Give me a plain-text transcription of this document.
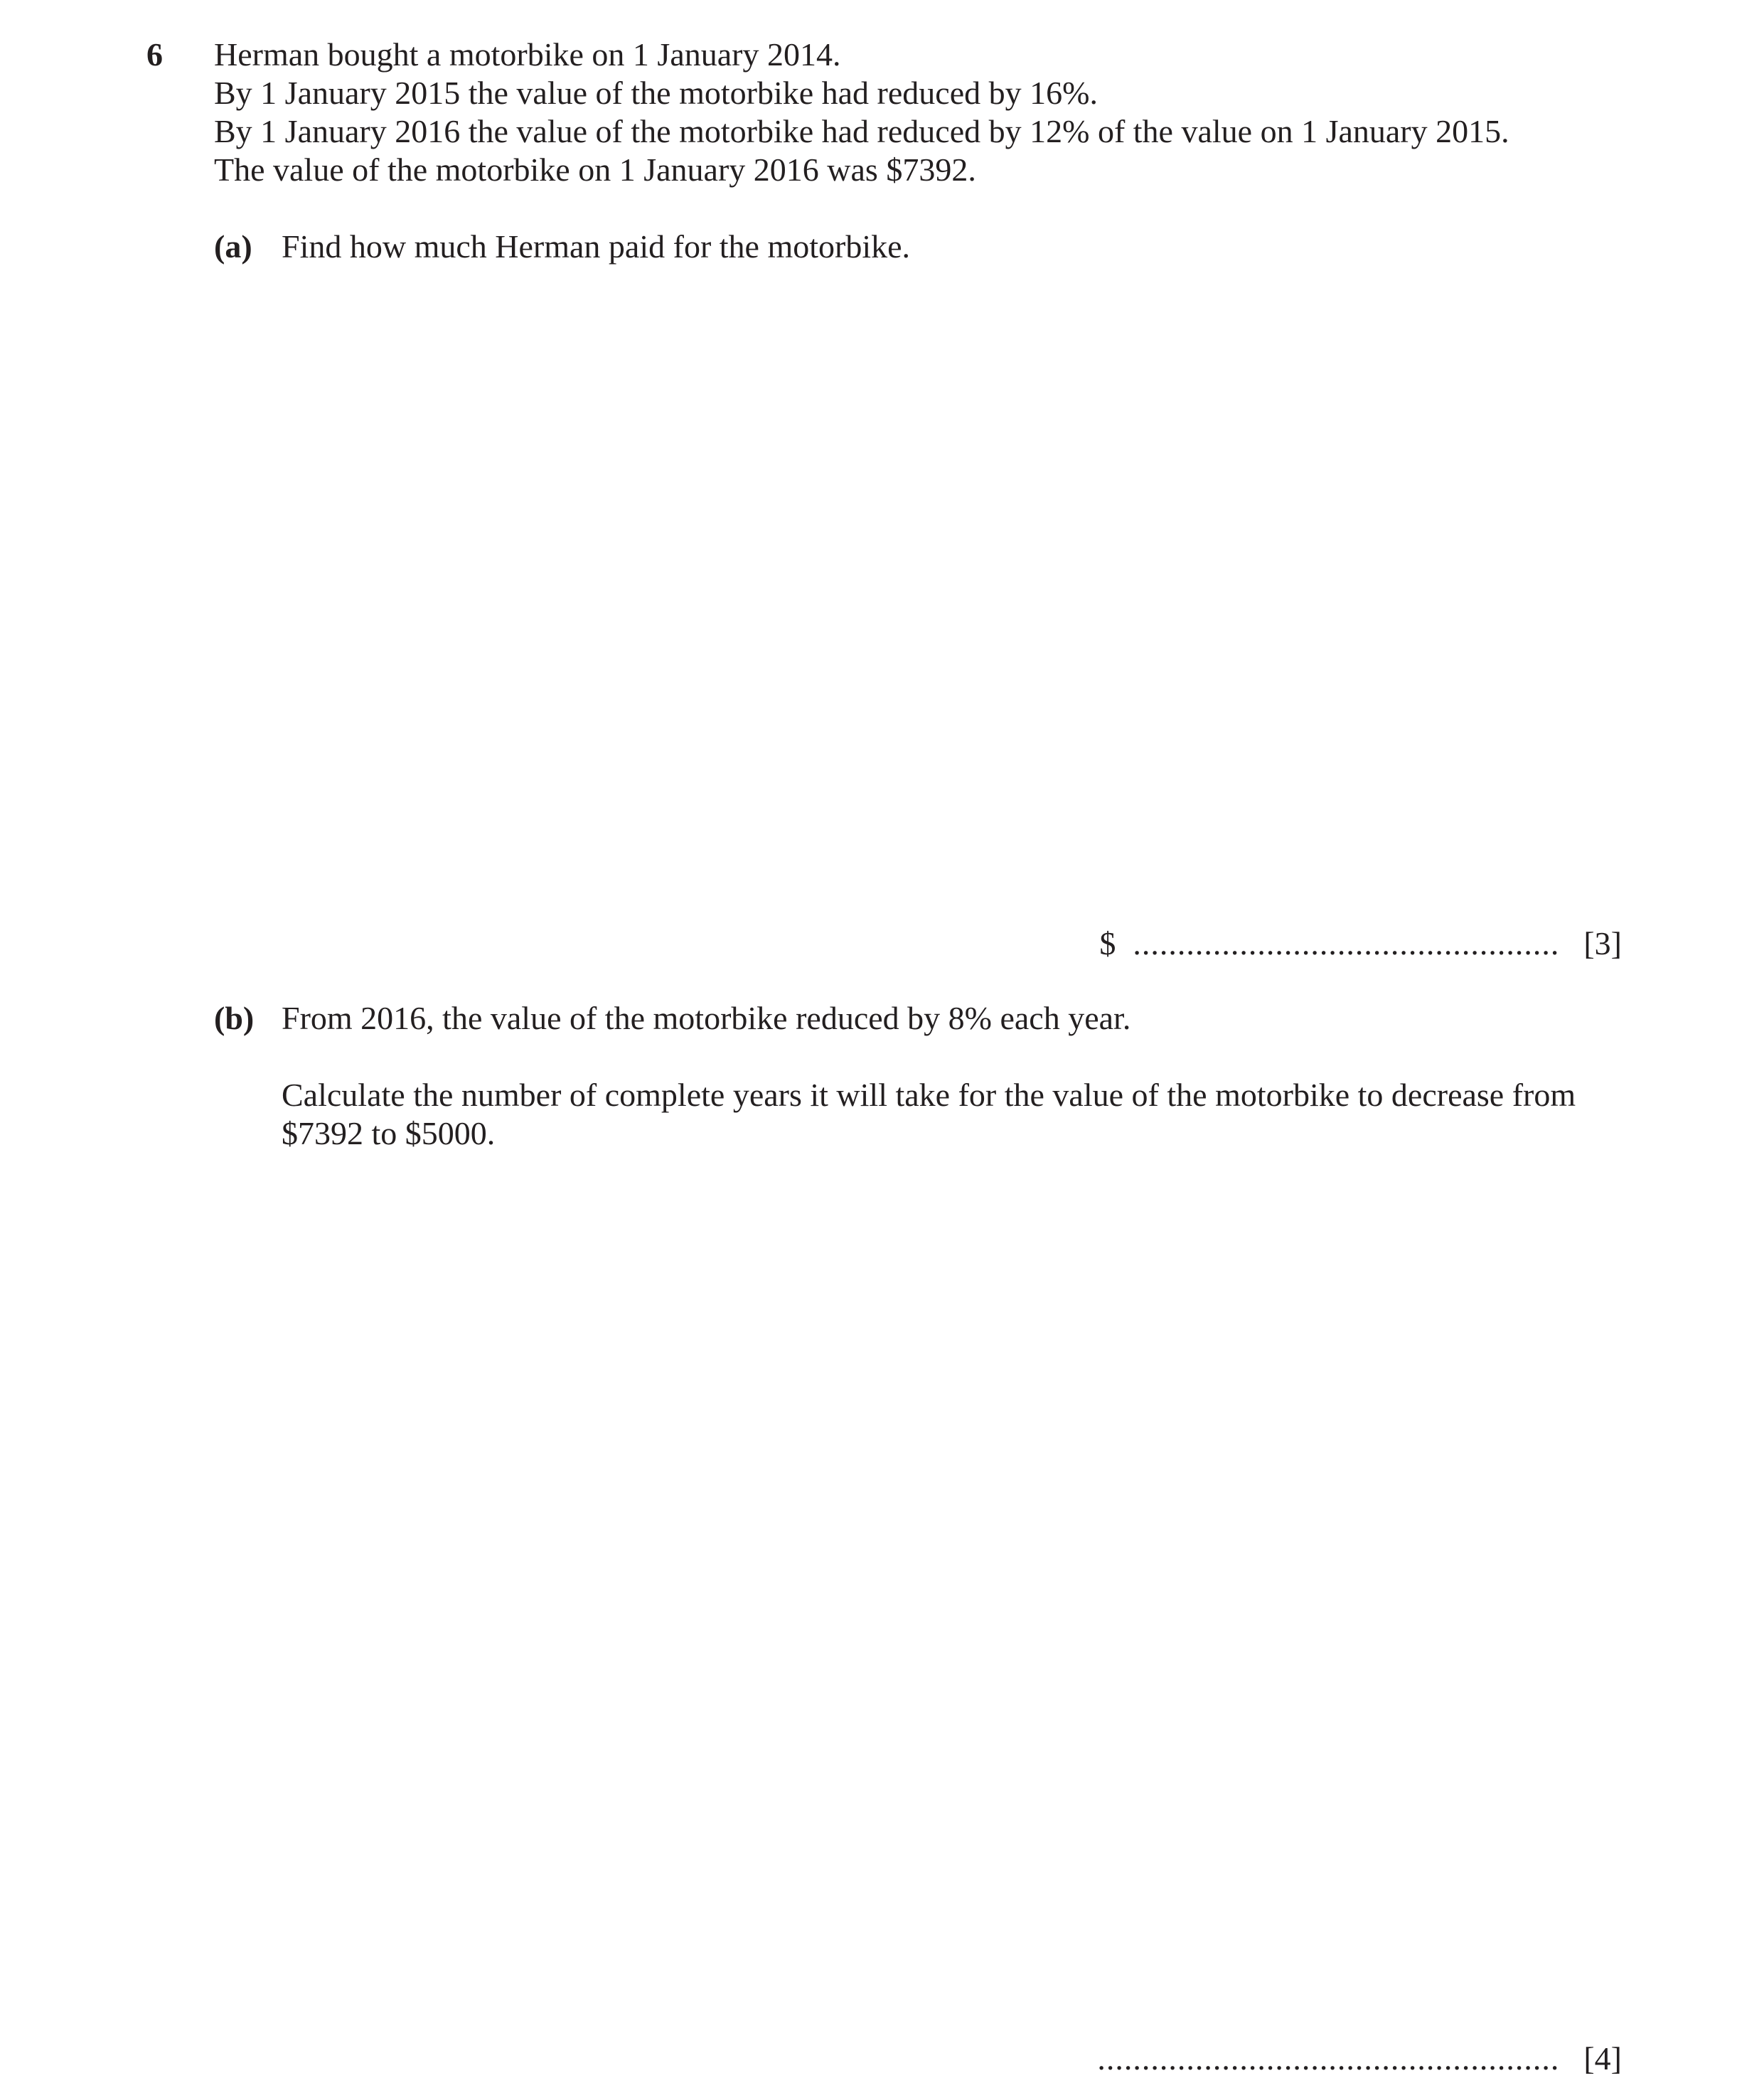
6 Herman bought a motorbike on 1 January 2014.
By 1 January 2015 the value of the motorbike had reduced by 16%.
By 1 January 2016 the value of the motorbike had reduced by 12% of the value on 1 January 2015.
The value of the motorbike on 1 January 2016 was $7392.
(a) Find how much Herman paid for the motorbike.
$ ................................................ [3]
(b) From 2016, the value of the motorbike reduced by 8% each year.
Calculate the number of complete years it will take for the value of the motorbike to decrease from
$7392 to $5000.
.................................................... [4]
